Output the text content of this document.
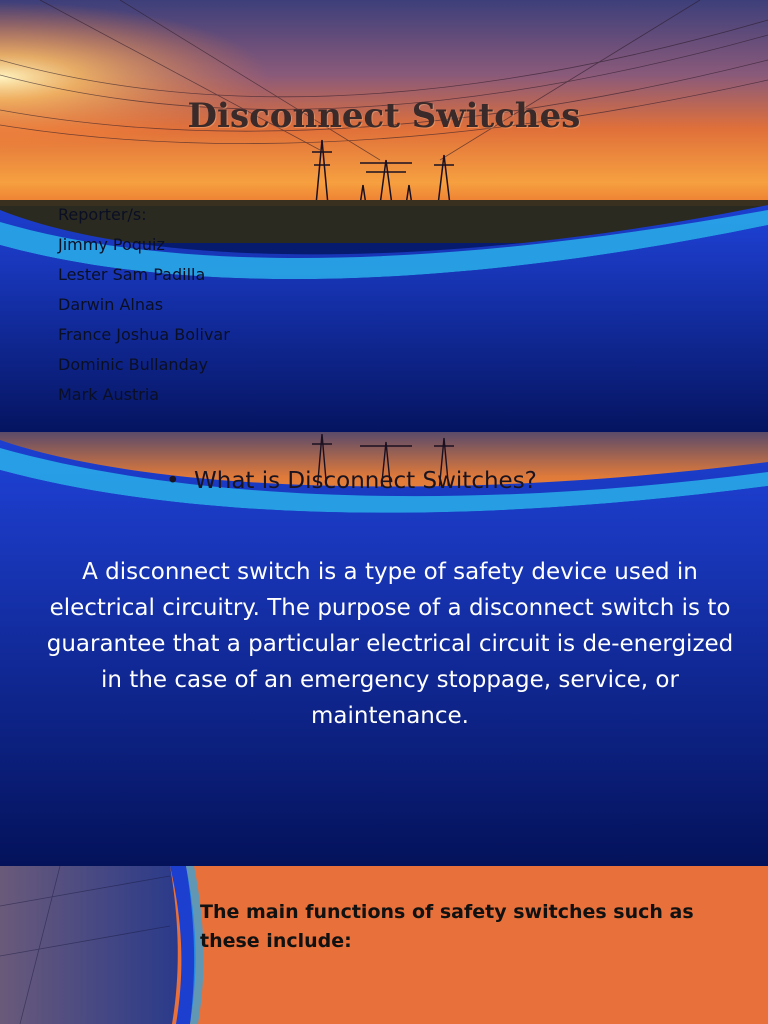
Disconnect Switches
Reporter/s:
Jimmy Poquiz
Lester Sam Padilla
Darwin Alnas
France Joshua Bolivar
Dominic Bullanday
Mark Austria
• What is Disconnect Switches?
A disconnect switch is a type of safety device used in electrical circuitry. The purpose of a disconnect switch is to guarantee that a particular electrical circuit is de-energized in the case of an emergency stoppage, service, or maintenance.
The main functions of safety switches such as these include:
